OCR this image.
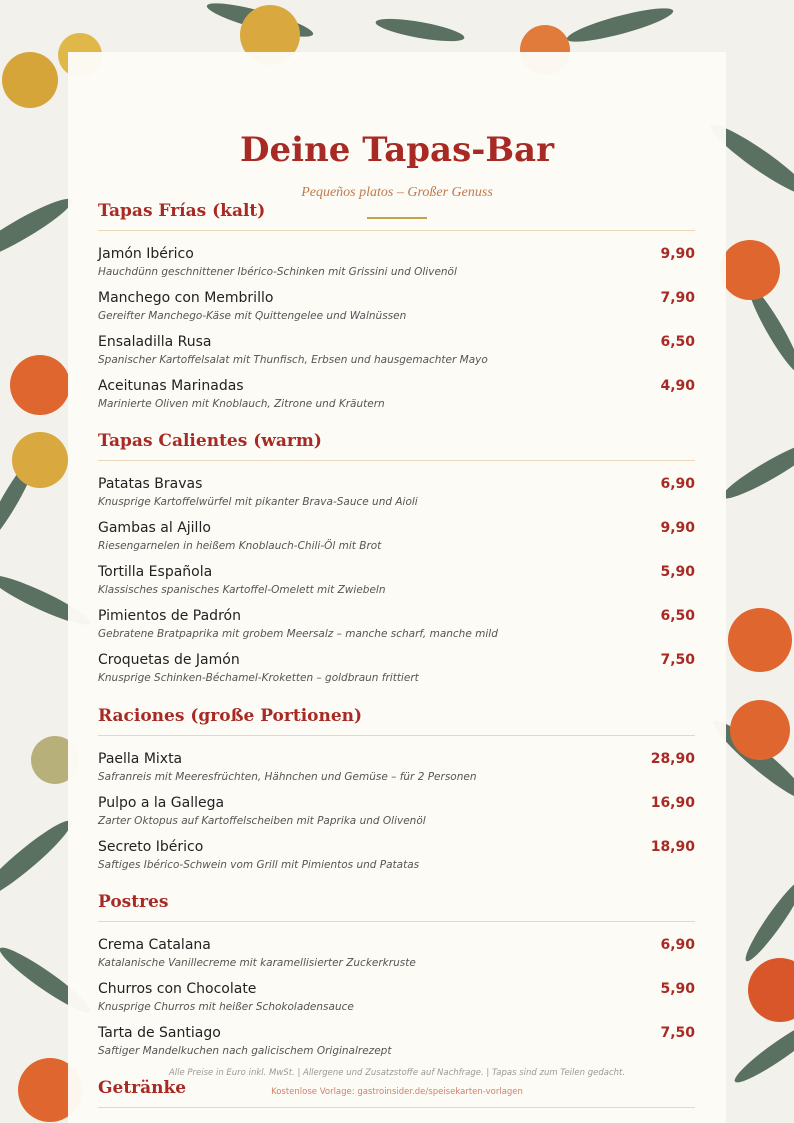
Deine Tapas-Bar
Pequeños platos – Großer Genuss
Tapas Frías (kalt)
Jamón Ibérico
Hauchdünn geschnittener Ibérico-Schinken mit Grissini und Olivenöl
9,90
Manchego con Membrillo
Gereifter Manchego-Käse mit Quittengelee und Walnüssen
7,90
Ensaladilla Rusa
Spanischer Kartoffelsalat mit Thunfisch, Erbsen und hausgemachter Mayo
6,50
Aceitunas Marinadas
Marinierte Oliven mit Knoblauch, Zitrone und Kräutern
4,90
Tapas Calientes (warm)
Patatas Bravas
Knusprige Kartoffelwürfel mit pikanter Brava-Sauce und Aioli
6,90
Gambas al Ajillo
Riesengarnelen in heißem Knoblauch-Chili-Öl mit Brot
9,90
Tortilla Española
Klassisches spanisches Kartoffel-Omelett mit Zwiebeln
5,90
Pimientos de Padrón
Gebratene Bratpaprika mit grobem Meersalz – manche scharf, manche mild
6,50
Croquetas de Jamón
Knusprige Schinken-Béchamel-Kroketten – goldbraun frittiert
7,50
Raciones (große Portionen)
Paella Mixta
Safranreis mit Meeresfrüchten, Hähnchen und Gemüse – für 2 Personen
28,90
Pulpo a la Gallega
Zarter Oktopus auf Kartoffelscheiben mit Paprika und Olivenöl
16,90
Secreto Ibérico
Saftiges Ibérico-Schwein vom Grill mit Pimientos und Patatas
18,90
Postres
Crema Catalana
Katalanische Vanillecreme mit karamellisierter Zuckerkruste
6,90
Churros con Chocolate
Knusprige Churros mit heißer Schokoladensauce
5,90
Tarta de Santiago
Saftiger Mandelkuchen nach galicischem Originalrezept
7,50
Alle Preise in Euro inkl. MwSt. | Allergene und Zusatzstoffe auf Nachfrage. | Tapas sind zum Teilen gedacht.
Getränke	Kostenlose Vorlage: gastroinsider.de/speisekarten-vorlagen
